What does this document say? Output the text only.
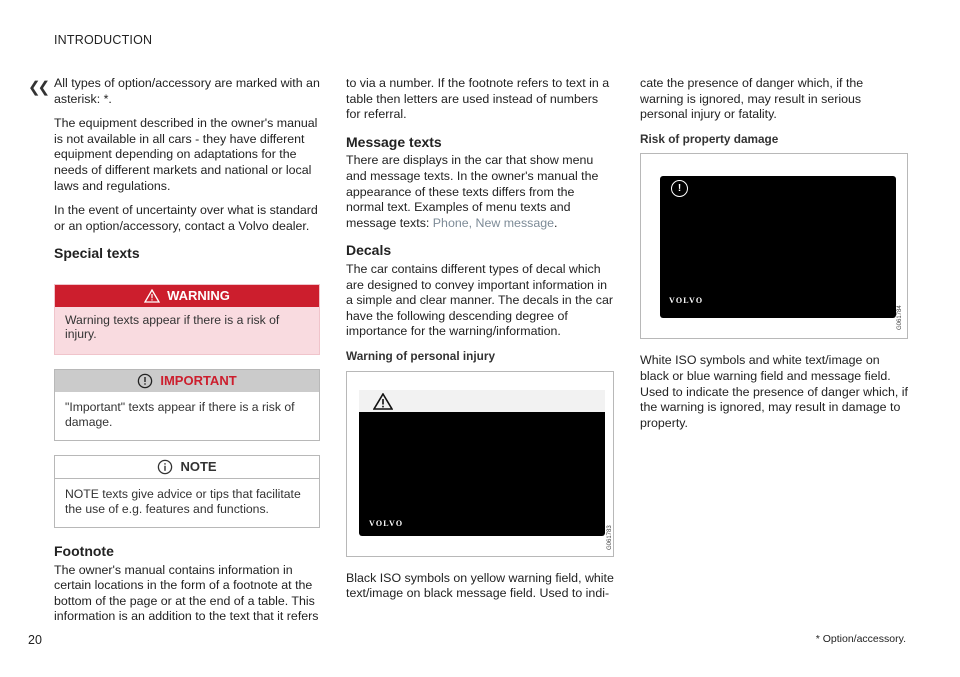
❮❮
INTRODUCTION

All types of option/accessory are marked with an asterisk: *.

The equipment described in the owner's manual is not available in all cars - they have different equipment depending on adaptations for the needs of different markets and national or local laws and regulations.

In the event of uncertainty over what is standard or an option/accessory, contact a Volvo dealer.

Special texts
WARNING
Warning texts appear if there is a risk of injury.
IMPORTANT
"Important" texts appear if there is a risk of damage.
NOTE
NOTE texts give advice or tips that facilitate the use of e.g. features and functions.
Footnote

The owner's manual contains information in certain locations in the form of a footnote at the bottom of the page or at the end of a table. This information is an addition to the text that it refers

to via a number. If the footnote refers to text in a table then letters are used instead of numbers for referral.

Message texts

There are displays in the car that show menu and message texts. In the owner's manual the appearance of these texts differs from the normal text. Examples of menu texts and message texts: Phone, New message.

Decals

The car contains different types of decal which are designed to convey important information in a simple and clear manner. The decals in the car have the following descending degree of importance for the warning/information.

Warning of personal injury
VOLVO
G061783

Black ISO symbols on yellow warning field, white text/image on black message field. Used to indi-

cate the presence of danger which, if the warning is ignored, may result in serious personal injury or fatality.

Risk of property damage
!
VOLVO
G061784

White ISO symbols and white text/image on black or blue warning field and message field. Used to indicate the presence of danger which, if the warning is ignored, may result in damage to property.

20	* Option/accessory.
